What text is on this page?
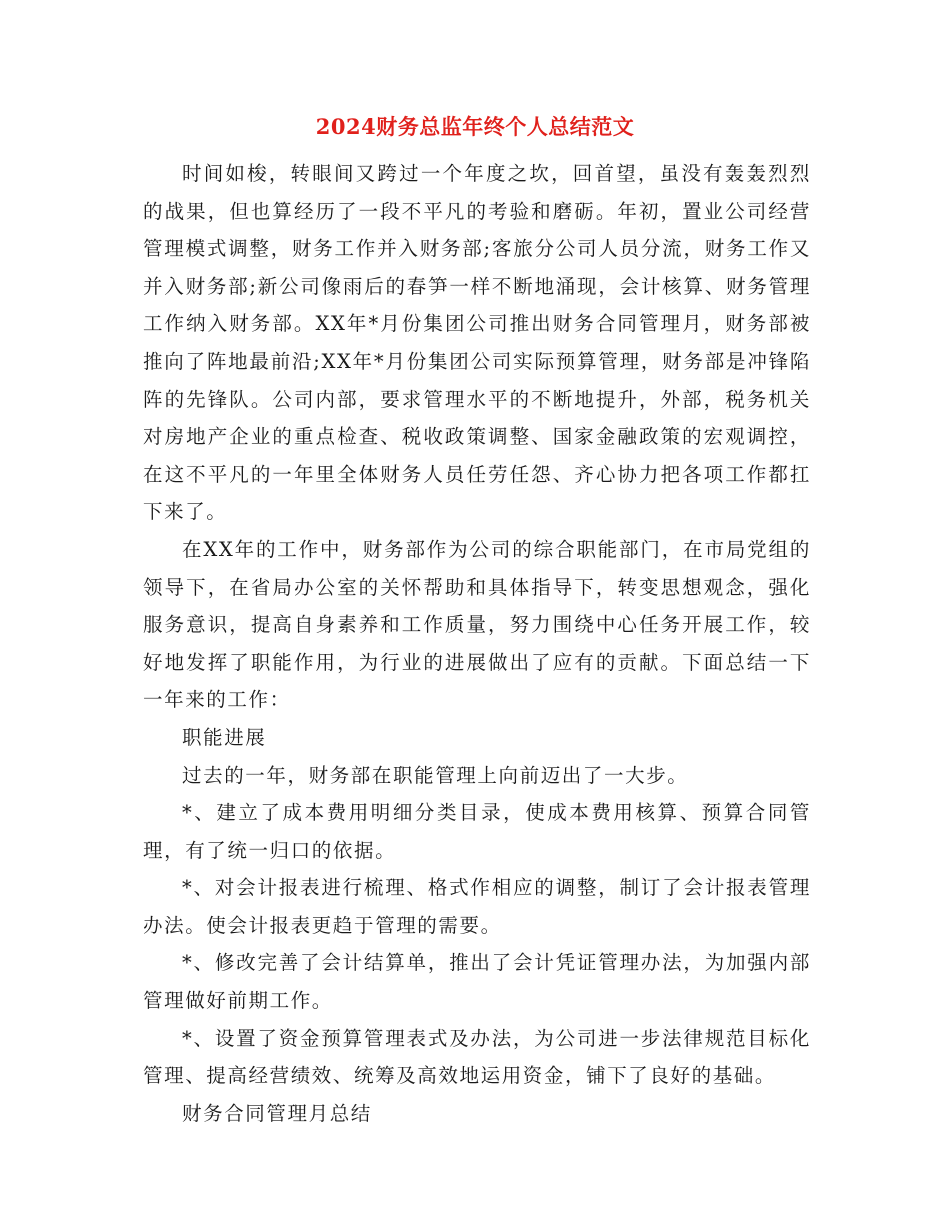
2024财务总监年终个人总结范文

时间如梭，转眼间又跨过一个年度之坎，回首望，虽没有轰轰烈烈的战果，但也算经历了一段不平凡的考验和磨砺。年初，置业公司经营管理模式调整，财务工作并入财务部;客旅分公司人员分流，财务工作又并入财务部;新公司像雨后的春笋一样不断地涌现，会计核算、财务管理工作纳入财务部。XX年*月份集团公司推出财务合同管理月，财务部被推向了阵地最前沿;XX年*月份集团公司实际预算管理，财务部是冲锋陷阵的先锋队。公司内部，要求管理水平的不断地提升，外部，税务机关对房地产企业的重点检查、税收政策调整、国家金融政策的宏观调控，在这不平凡的一年里全体财务人员任劳任怨、齐心协力把各项工作都扛下来了。

在XX年的工作中，财务部作为公司的综合职能部门，在市局党组的领导下，在省局办公室的关怀帮助和具体指导下，转变思想观念，强化服务意识，提高自身素养和工作质量，努力围绕中心任务开展工作，较好地发挥了职能作用，为行业的进展做出了应有的贡献。下面总结一下一年来的工作：

职能进展

过去的一年，财务部在职能管理上向前迈出了一大步。

*、建立了成本费用明细分类目录，使成本费用核算、预算合同管理，有了统一归口的依据。

*、对会计报表进行梳理、格式作相应的调整，制订了会计报表管理办法。使会计报表更趋于管理的需要。

*、修改完善了会计结算单，推出了会计凭证管理办法，为加强内部管理做好前期工作。

*、设置了资金预算管理表式及办法，为公司进一步法律规范目标化管理、提高经营绩效、统筹及高效地运用资金，铺下了良好的基础。

财务合同管理月总结
